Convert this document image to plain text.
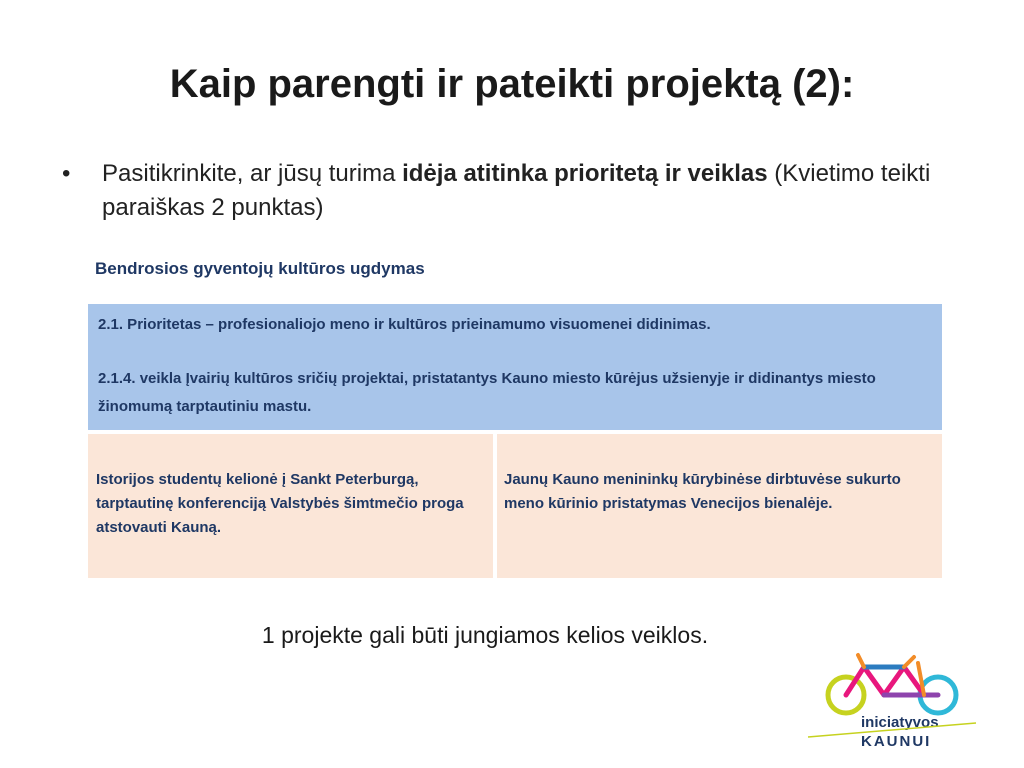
Kaip parengti ir pateikti projektą (2):
•	Pasitikrinkite, ar jūsų turima idėja atitinka prioritetą ir veiklas (Kvietimo teikti paraiškas 2 punktas)
Bendrosios gyventojų kultūros ugdymas

2.1. Prioritetas – profesionaliojo meno ir kultūros prieinamumo visuomenei didinimas.

2.1.4. veikla Įvairių kultūros sričių projektai, pristatantys Kauno miesto kūrėjus užsienyje ir didinantys miesto žinomumą tarptautiniu mastu.

Istorijos studentų kelionė į Sankt Peterburgą, tarptautinę konferenciją Valstybės šimtmečio proga atstovauti Kauną.
Jaunų Kauno menininkų kūrybinėse dirbtuvėse sukurto meno kūrinio pristatymas Venecijos bienalėje.
1 projekte gali būti jungiamos kelios veiklos.
iniciatyvos
KAUNUI
